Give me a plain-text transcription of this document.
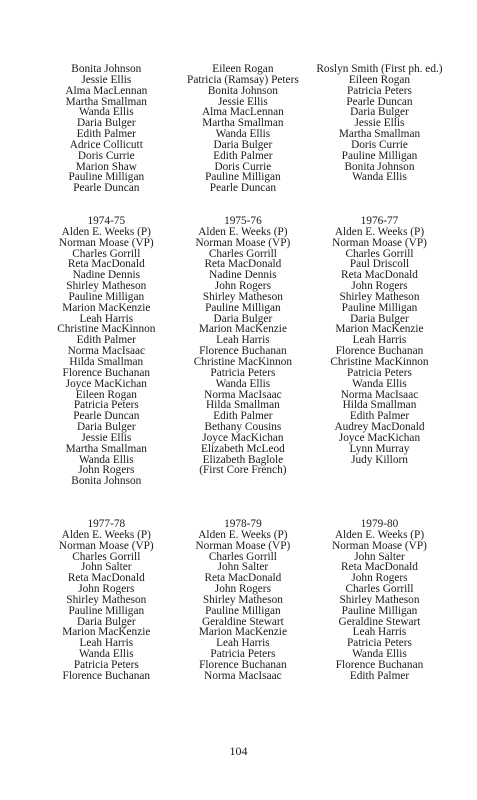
Bonita Johnson
Jessie Ellis
Alma MacLennan
Martha Smallman
Wanda Ellis
Daria Bulger
Edith Palmer
Adrice Collicutt
Doris Currie
Marion Shaw
Pauline Milligan
Pearle Duncan
Eileen Rogan
Patricia (Ramsay) Peters
Bonita Johnson
Jessie Ellis
Alma MacLennan
Martha Smallman
Wanda Ellis
Daria Bulger
Edith Palmer
Doris Currie
Pauline Milligan
Pearle Duncan
Roslyn Smith (First ph. ed.)
Eileen Rogan
Patricia Peters
Pearle Duncan
Daria Bulger
Jessie Ellis
Martha Smallman
Doris Currie
Pauline Milligan
Bonita Johnson
Wanda Ellis
1974-75
Alden E. Weeks (P)
Norman Moase (VP)
Charles Gorrill
Reta MacDonald
Nadine Dennis
Shirley Matheson
Pauline Milligan
Marion MacKenzie
Leah Harris
Christine MacKinnon
Edith Palmer
Norma MacIsaac
Hilda Smallman
Florence Buchanan
Joyce MacKichan
Eileen Rogan
Patricia Peters
Pearle Duncan
Daria Bulger
Jessie Ellis
Martha Smallman
Wanda Ellis
John Rogers
Bonita Johnson
1975-76
Alden E. Weeks (P)
Norman Moase (VP)
Charles Gorrill
Reta MacDonald
Nadine Dennis
John Rogers
Shirley Matheson
Pauline Milligan
Daria Bulger
Marion MacKenzie
Leah Harris
Florence Buchanan
Christine MacKinnon
Patricia Peters
Wanda Ellis
Norma MacIsaac
Hilda Smallman
Edith Palmer
Bethany Cousins
Joyce MacKichan
Elizabeth McLeod
Elizabeth Baglole
(First Core French)
1976-77
Alden E. Weeks (P)
Norman Moase (VP)
Charles Gorrill
Paul Driscoll
Reta MacDonald
John Rogers
Shirley Matheson
Pauline Milligan
Daria Bulger
Marion MacKenzie
Leah Harris
Florence Buchanan
Christine MacKinnon
Patricia Peters
Wanda Ellis
Norma MacIsaac
Hilda Smallman
Edith Palmer
Audrey MacDonald
Joyce MacKichan
Lynn Murray
Judy Killorn
1977-78
Alden E. Weeks (P)
Norman Moase (VP)
Charles Gorrill
John Salter
Reta MacDonald
John Rogers
Shirley Matheson
Pauline Milligan
Daria Bulger
Marion MacKenzie
Leah Harris
Wanda Ellis
Patricia Peters
Florence Buchanan
1978-79
Alden E. Weeks (P)
Norman Moase (VP)
Charles Gorrill
John Salter
Reta MacDonald
John Rogers
Shirley Matheson
Pauline Milligan
Geraldine Stewart
Marion MacKenzie
Leah Harris
Patricia Peters
Florence Buchanan
Norma MacIsaac
1979-80
Alden E. Weeks (P)
Norman Moase (VP)
John Salter
Reta MacDonald
John Rogers
Charles Gorrill
Shirley Matheson
Pauline Milligan
Geraldine Stewart
Leah Harris
Patricia Peters
Wanda Ellis
Florence Buchanan
Edith Palmer
104
